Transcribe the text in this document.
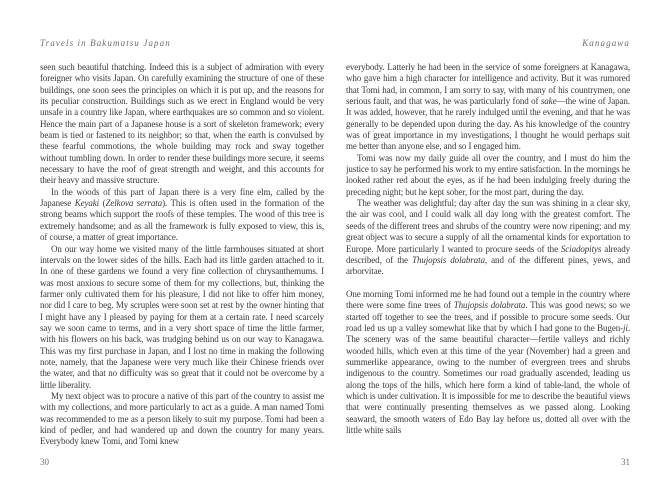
Travels in Bakumatsu Japan	Kanagawa

seen such beautiful thatching. Indeed this is a subject of admiration with every foreigner who visits Japan. On carefully examining the structure of one of these buildings, one soon sees the principles on which it is put up, and the reasons for its peculiar construction. Buildings such as we erect in England would be very unsafe in a country like Japan, where earthquakes are so common and so violent. Hence the main part of a Japanese house is a sort of skeleton framework; every beam is tied or fastened to its neighbor; so that, when the earth is convulsed by these fearful commotions, the whole building may rock and sway together without tumbling down. In order to render these buildings more secure, it seems necessary to have the roof of great strength and weight, and this accounts for their heavy and massive structure.

In the woods of this part of Japan there is a very fine elm, called by the Japanese Keyaki (Zelkova serrata). This is often used in the formation of the strong beams which support the roofs of these temples. The wood of this tree is extremely handsome; and as all the framework is fully exposed to view, this is, of course, a matter of great importance.

On our way home we visited many of the little farmhouses situated at short intervals on the lower sides of the hills. Each had its little garden attached to it. In one of these gardens we found a very fine collection of chrysanthemums. I was most anxious to secure some of them for my collections, but, thinking the farmer only cultivated them for his pleasure, I did not like to offer him money, nor did I care to beg. My scruples were soon set at rest by the owner hinting that I might have any I pleased by paying for them at a certain rate. I need scarcely say we soon came to terms, and in a very short space of time the little farmer, with his flowers on his back, was trudging behind us on our way to Kanagawa. This was my first purchase in Japan, and I lost no time in making the following note, namely, that the Japanese were very much like their Chinese friends over the water, and that no difficulty was so great that it could not be overcome by a little liberality.

My next object was to procure a native of this part of the country to assist me with my collections, and more particularly to act as a guide. A man named Tomi was recommended to me as a person likely to suit my purpose. Tomi had been a kind of pedler, and had wandered up and down the country for many years. Everybody knew Tomi, and Tomi knew

everybody. Latterly he had been in the service of some foreigners at Kanagawa, who gave him a high character for intelligence and activity. But it was rumored that Tomi had, in common, I am sorry to say, with many of his countrymen, one serious fault, and that was, he was particularly fond of sake—the wine of Japan. It was added, however, that he rarely indulged until the evening, and that he was generally to be depended upon during the day. As his knowledge of the country was of great importance in my investigations, I thought he would perhaps suit me better than anyone else, and so I engaged him.

Tomi was now my daily guide all over the country, and I must do him the justice to say he performed his work to my entire satisfaction. In the mornings he looked rather red about the eyes, as if he had been indulging freely during the preceding night; but he kept sober, for the most part, during the day.

The weather was delightful; day after day the sun was shining in a clear sky, the air was cool, and I could walk all day long with the greatest comfort. The seeds of the different trees and shrubs of the country were now ripening; and my great object was to secure a supply of all the ornamental kinds for exportation to Europe. More particularly I wanted to procure seeds of the Sciadopitys already described, of the Thujopsis dolabrata, and of the different pines, yews, and arborvitae.

One morning Tomi informed me he had found out a temple in the country where there were some fine trees of Thujopsis dolabrata. This was good news; so we started off together to see the trees, and if possible to procure some seeds. Our road led us up a valley somewhat like that by which I had gone to the Bugen-ji. The scenery was of the same beautiful character—fertile valleys and richly wooded hills, which even at this time of the year (November) had a green and summerlike appearance, owing to the number of evergreen trees and shrubs indigenous to the country. Sometimes our road gradually ascended, leading us along the tops of the hills, which here form a kind of table-land, the whole of which is under cultivation. It is impossible for me to describe the beautiful views that were continually presenting themselves as we passed along. Looking seaward, the smooth waters of Edo Bay lay before us, dotted all over with the little white sails

30	31
